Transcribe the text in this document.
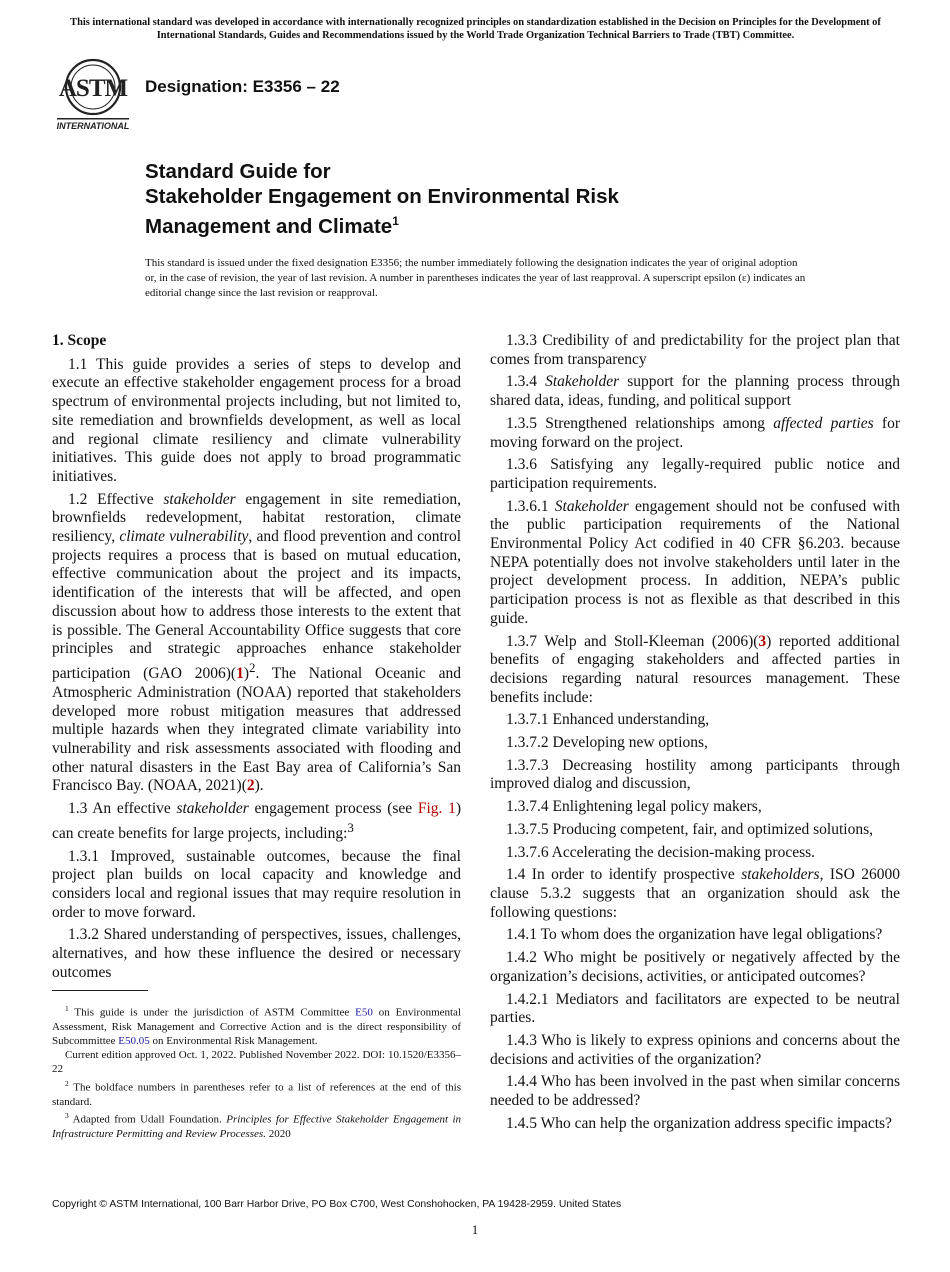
This international standard was developed in accordance with internationally recognized principles on standardization established in the Decision on Principles for the Development of International Standards, Guides and Recommendations issued by the World Trade Organization Technical Barriers to Trade (TBT) Committee.
ASTM
INTERNATIONAL
Designation: E3356 – 22
Standard Guide for
Stakeholder Engagement on Environmental Risk
Management and Climate$^1$
This standard is issued under the fixed designation E3356; the number immediately following the designation indicates the year of original adoption or, in the case of revision, the year of last revision. A number in parentheses indicates the year of last reapproval. A superscript epsilon (ε) indicates an editorial change since the last revision or reapproval.
1. Scope

1.1 This guide provides a series of steps to develop and execute an effective stakeholder engagement process for a broad spectrum of environmental projects including, but not limited to, site remediation and brownfields development, as well as local and regional climate resiliency and climate vulnerability initiatives. This guide does not apply to broad programmatic initiatives.

1.2 Effective stakeholder engagement in site remediation, brownfields redevelopment, habitat restoration, climate resiliency, climate vulnerability, and flood prevention and control projects requires a process that is based on mutual education, effective communication about the project and its impacts, identification of the interests that will be affected, and open discussion about how to address those interests to the extent that is possible. The General Accountability Office suggests that core principles and strategic approaches enhance stakeholder participation (GAO $2006)(1)^2$. The National Oceanic and Atmospheric Administration (NOAA) reported that stakeholders developed more robust mitigation measures that addressed multiple hazards when they integrated climate variability into vulnerability and risk assessments associated with flooding and other natural disasters in the East Bay area of California’s San Francisco Bay. (NOAA, 2021)(2).

1.3 An effective stakeholder engagement process (see Fig. 1) can create benefits for large projects, including:$^3$

1.3.1 Improved, sustainable outcomes, because the final project plan builds on local capacity and knowledge and considers local and regional issues that may require resolution in order to move forward.

1.3.2 Shared understanding of perspectives, issues, challenges, alternatives, and how these influence the desired or necessary outcomes

1.3.3 Credibility of and predictability for the project plan that comes from transparency

1.3.4 Stakeholder support for the planning process through shared data, ideas, funding, and political support

1.3.5 Strengthened relationships among affected parties for moving forward on the project.

1.3.6 Satisfying any legally-required public notice and participation requirements.

1.3.6.1 Stakeholder engagement should not be confused with the public participation requirements of the National Environmental Policy Act codified in 40 CFR §6.203. because NEPA potentially does not involve stakeholders until later in the project development process. In addition, NEPA’s public participation process is not as flexible as that described in this guide.

1.3.7 Welp and Stoll-Kleeman (2006)(3) reported additional benefits of engaging stakeholders and affected parties in decisions regarding natural resources management. These benefits include:

1.3.7.1 Enhanced understanding,

1.3.7.2 Developing new options,

1.3.7.3 Decreasing hostility among participants through improved dialog and discussion,

1.3.7.4 Enlightening legal policy makers,

1.3.7.5 Producing competent, fair, and optimized solutions,

1.3.7.6 Accelerating the decision-making process.

1.4 In order to identify prospective stakeholders, ISO 26000 clause 5.3.2 suggests that an organization should ask the following questions:

1.4.1 To whom does the organization have legal obligations?

1.4.2 Who might be positively or negatively affected by the organization’s decisions, activities, or anticipated outcomes?

1.4.2.1 Mediators and facilitators are expected to be neutral parties.

1.4.3 Who is likely to express opinions and concerns about the decisions and activities of the organization?

1.4.4 Who has been involved in the past when similar concerns needed to be addressed?

1.4.5 Who can help the organization address specific impacts?

$^1$ This guide is under the jurisdiction of ASTM Committee E50 on Environmental Assessment, Risk Management and Corrective Action and is the direct responsibility of Subcommittee E50.05 on Environmental Risk Management.

Current edition approved Oct. 1, 2022. Published November 2022. DOI: 10.1520/E3356–22

$^2$ The boldface numbers in parentheses refer to a list of references at the end of this standard.

$^3$ Adapted from Udall Foundation. Principles for Effective Stakeholder Engagement in Infrastructure Permitting and Review Processes. 2020

Copyright © ASTM International, 100 Barr Harbor Drive, PO Box C700, West Conshohocken, PA 19428-2959. United States
1
